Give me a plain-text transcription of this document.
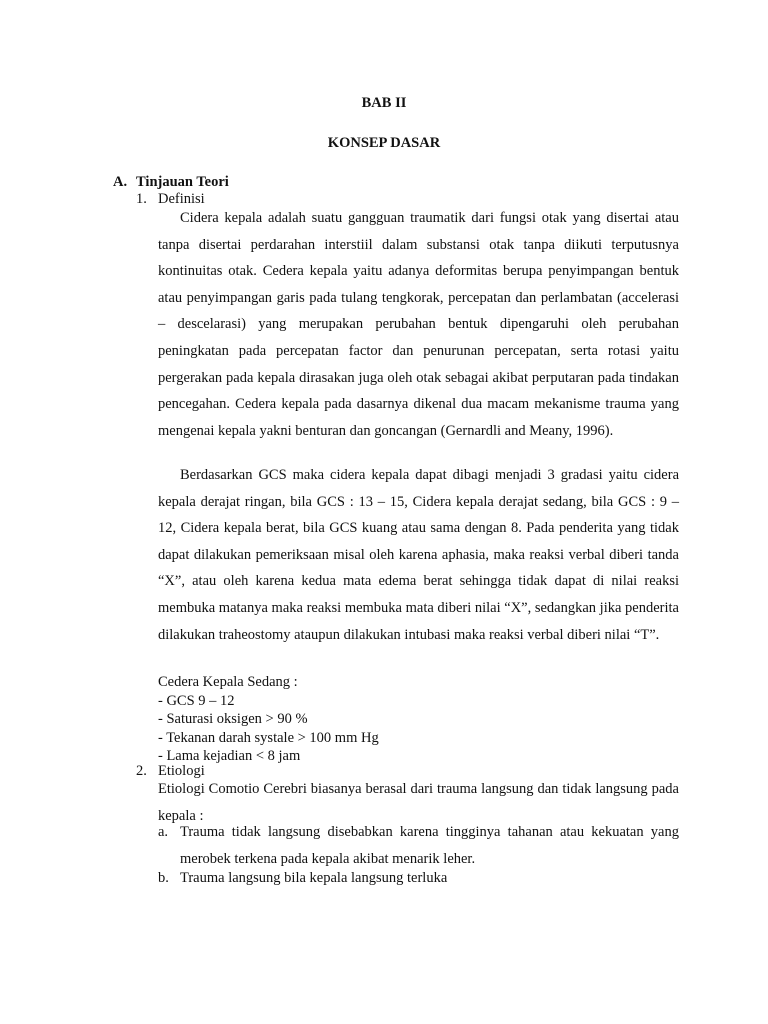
BAB II
KONSEP DASAR
A. Tinjauan Teori
1. Definisi

Cidera kepala adalah suatu gangguan traumatik dari fungsi otak yang disertai atau tanpa disertai perdarahan interstiil dalam substansi otak tanpa diikuti terputusnya kontinuitas otak. Cedera kepala yaitu adanya deformitas berupa penyimpangan bentuk atau penyimpangan garis pada tulang tengkorak, percepatan dan perlambatan (accelerasi – descelarasi) yang merupakan perubahan bentuk dipengaruhi oleh perubahan peningkatan pada percepatan factor dan penurunan percepatan, serta rotasi yaitu pergerakan pada kepala dirasakan juga oleh otak sebagai akibat perputaran pada tindakan pencegahan. Cedera kepala pada dasarnya dikenal dua macam mekanisme trauma yang mengenai kepala yakni benturan dan goncangan (Gernardli and Meany, 1996).

Berdasarkan GCS maka cidera kepala dapat dibagi menjadi 3 gradasi yaitu cidera kepala derajat ringan, bila GCS : 13 – 15, Cidera kepala derajat sedang, bila GCS : 9 – 12, Cidera kepala berat, bila GCS kuang atau sama dengan 8. Pada penderita yang tidak dapat dilakukan pemeriksaan misal oleh karena aphasia, maka reaksi verbal diberi tanda “X”, atau oleh karena kedua mata edema berat sehingga tidak dapat di nilai reaksi membuka matanya maka reaksi membuka mata diberi nilai “X”, sedangkan jika penderita dilakukan traheostomy ataupun dilakukan intubasi maka reaksi verbal diberi nilai “T”.

Cedera Kepala Sedang :
- GCS 9 – 12
- Saturasi oksigen > 90 %
- Tekanan darah systale > 100 mm Hg
- Lama kejadian < 8 jam
2. Etiologi

Etiologi Comotio Cerebri biasanya berasal dari trauma langsung dan tidak langsung pada kepala :

a. Trauma tidak langsung disebabkan karena tingginya tahanan atau kekuatan yang merobek terkena pada kepala akibat menarik leher.

b. Trauma langsung bila kepala langsung terluka
